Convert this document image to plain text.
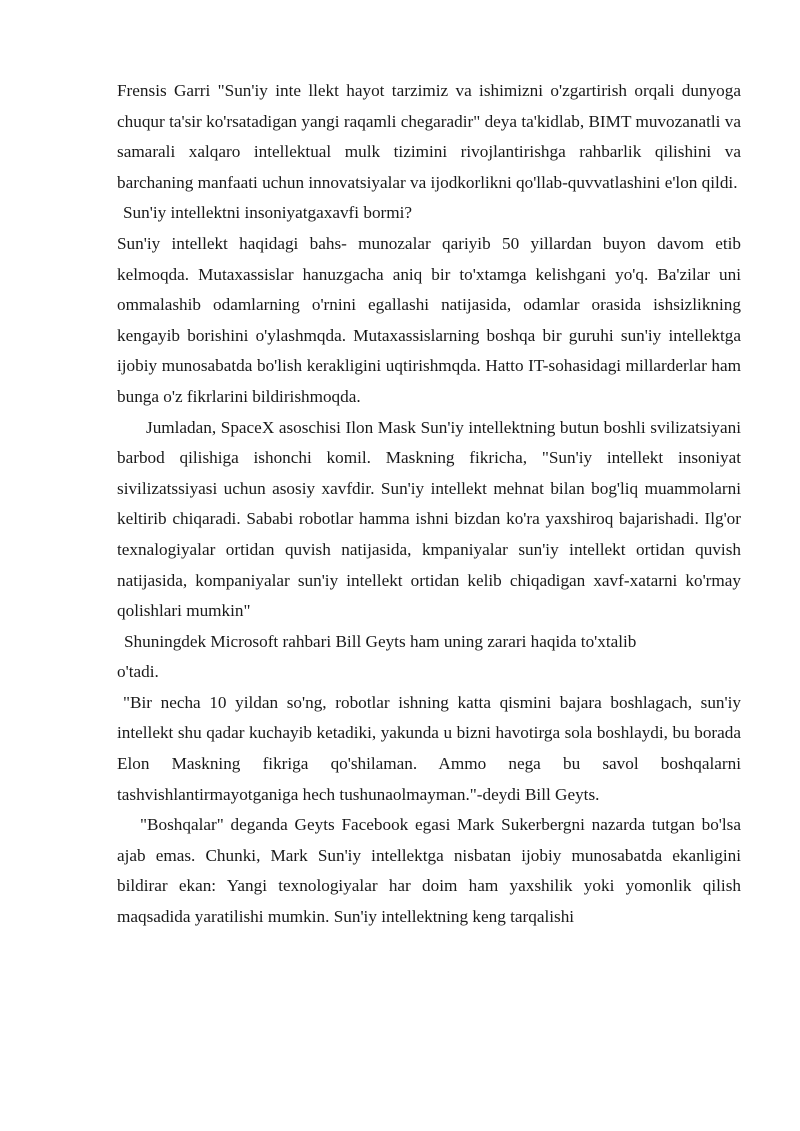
Frensis Garri "Sun'iy inte llekt hayot tarzimiz va ishimizni o'zgartirish orqali dunyoga chuqur ta'sir ko'rsatadigan yangi raqamli chegaradir" deya ta'kidlab, BIMT muvozanatli va samarali xalqaro intellektual mulk tizimini rivojlantirishga rahbarlik qilishini va barchaning manfaati uchun innovatsiyalar va ijodkorlikni qo'llab-quvvatlashini e'lon qildi.

Sun'iy intellektni insoniyatgaxavfi bormi?

Sun'iy intellekt haqidagi bahs- munozalar qariyib 50 yillardan buyon davom etib kelmoqda. Mutaxassislar hanuzgacha aniq bir to'xtamga kelishgani yo'q. Ba'zilar uni ommalashib odamlarning o'rnini egallashi natijasida, odamlar orasida ishsizlikning kengayib borishini o'ylashmqda. Mutaxassislarning boshqa bir guruhi sun'iy intellektga ijobiy munosabatda bo'lish kerakligini uqtirishmqda. Hatto IT-sohasidagi millarderlar ham bunga o'z fikrlarini bildirishmoqda.

Jumladan, SpaceX asoschisi Ilon Mask Sun'iy intellektning butun boshli svilizatsiyani barbod qilishiga ishonchi komil. Maskning fikricha, "Sun'iy intellekt insoniyat sivilizatssiyasi uchun asosiy xavfdir. Sun'iy intellekt mehnat bilan bog'liq muammolarni keltirib chiqaradi. Sababi robotlar hamma ishni bizdan ko'ra yaxshiroq bajarishadi. Ilg'or texnalogiyalar ortidan quvish natijasida, kmpaniyalar sun'iy intellekt ortidan quvish natijasida, kompaniyalar sun'iy intellekt ortidan kelib chiqadigan xavf-xatarni ko'rmay qolishlari mumkin"

Shuningdek Microsoft rahbari Bill Geyts ham uning zarari haqida to'xtalib

o'tadi.

"Bir necha 10 yildan so'ng, robotlar ishning katta qismini bajara boshlagach, sun'iy intellekt shu qadar kuchayib ketadiki, yakunda u bizni havotirga sola boshlaydi, bu borada Elon Maskning fikriga qo'shilaman. Ammo nega bu savol boshqalarni tashvishlantirmayotganiga hech tushunaolmayman."-deydi Bill Geyts.

"Boshqalar" deganda Geyts Facebook egasi Mark Sukerbergni nazarda tutgan bo'lsa ajab emas. Chunki, Mark Sun'iy intellektga nisbatan ijobiy munosabatda ekanligini bildirar ekan: Yangi texnologiyalar har doim ham yaxshilik yoki yomonlik qilish maqsadida yaratilishi mumkin. Sun'iy intellektning keng tarqalishi
